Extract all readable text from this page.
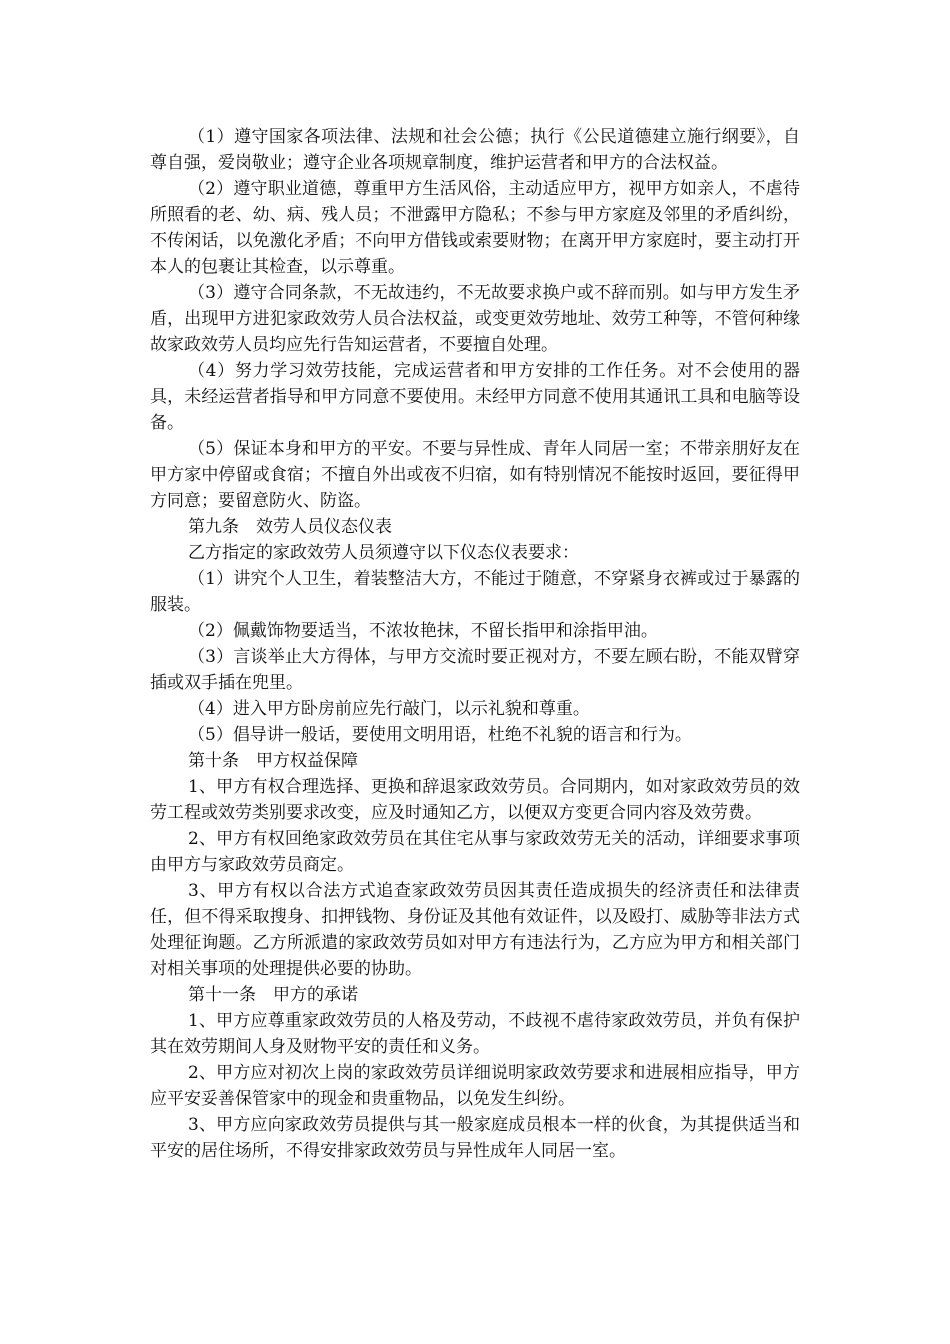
（1）遵守国家各项法律、法规和社会公德；执行《公民道德建立施行纲要》，自尊自强，爱岗敬业；遵守企业各项规章制度，维护运营者和甲方的合法权益。

（2）遵守职业道德，尊重甲方生活风俗，主动适应甲方，视甲方如亲人，不虐待所照看的老、幼、病、残人员；不泄露甲方隐私；不参与甲方家庭及邻里的矛盾纠纷，不传闲话，以免激化矛盾；不向甲方借钱或索要财物；在离开甲方家庭时，要主动打开本人的包裹让其检查，以示尊重。

（3）遵守合同条款，不无故违约，不无故要求换户或不辞而别。如与甲方发生矛盾，出现甲方进犯家政效劳人员合法权益，或变更效劳地址、效劳工种等，不管何种缘故家政效劳人员均应先行告知运营者，不要擅自处理。

（4）努力学习效劳技能，完成运营者和甲方安排的工作任务。对不会使用的器具，未经运营者指导和甲方同意不要使用。未经甲方同意不使用其通讯工具和电脑等设备。

（5）保证本身和甲方的平安。不要与异性成、青年人同居一室；不带亲朋好友在甲方家中停留或食宿；不擅自外出或夜不归宿，如有特别情况不能按时返回，要征得甲方同意；要留意防火、防盗。

第九条　效劳人员仪态仪表

乙方指定的家政效劳人员须遵守以下仪态仪表要求：

（1）讲究个人卫生，着装整洁大方，不能过于随意，不穿紧身衣裤或过于暴露的服装。

（2）佩戴饰物要适当，不浓妆艳抹，不留长指甲和涂指甲油。

（3）言谈举止大方得体，与甲方交流时要正视对方，不要左顾右盼，不能双臂穿插或双手插在兜里。

（4）进入甲方卧房前应先行敲门，以示礼貌和尊重。

（5）倡导讲一般话，要使用文明用语，杜绝不礼貌的语言和行为。

第十条　甲方权益保障

1、甲方有权合理选择、更换和辞退家政效劳员。合同期内，如对家政效劳员的效劳工程或效劳类别要求改变，应及时通知乙方，以便双方变更合同内容及效劳费。

2、甲方有权回绝家政效劳员在其住宅从事与家政效劳无关的活动，详细要求事项由甲方与家政效劳员商定。

3、甲方有权以合法方式追查家政效劳员因其责任造成损失的经济责任和法律责任，但不得采取搜身、扣押钱物、身份证及其他有效证件，以及殴打、威胁等非法方式处理征询题。乙方所派遣的家政效劳员如对甲方有违法行为，乙方应为甲方和相关部门对相关事项的处理提供必要的协助。

第十一条　甲方的承诺

1、甲方应尊重家政效劳员的人格及劳动，不歧视不虐待家政效劳员，并负有保护其在效劳期间人身及财物平安的责任和义务。

2、甲方应对初次上岗的家政效劳员详细说明家政效劳要求和进展相应指导，甲方应平安妥善保管家中的现金和贵重物品，以免发生纠纷。

3、甲方应向家政效劳员提供与其一般家庭成员根本一样的伙食，为其提供适当和平安的居住场所，不得安排家政效劳员与异性成年人同居一室。
